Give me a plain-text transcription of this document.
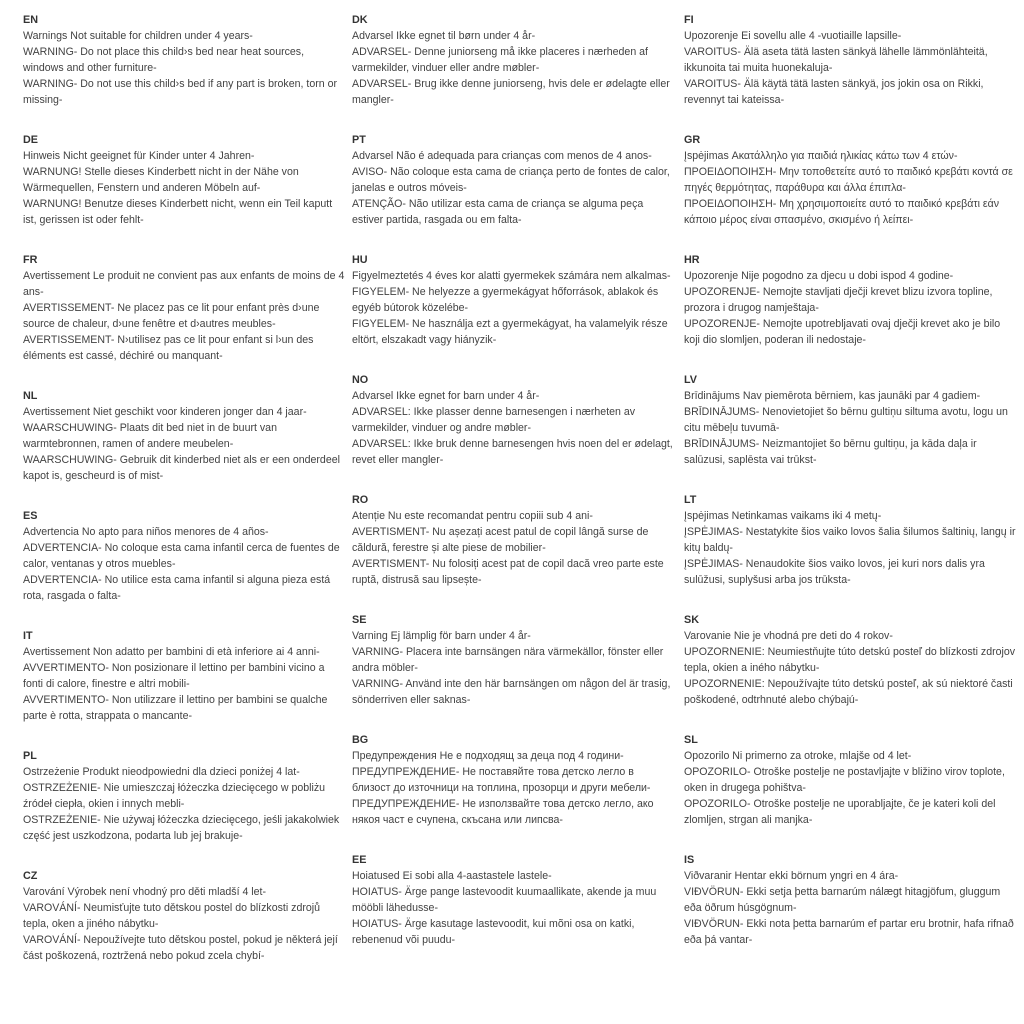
EN

Warnings Not suitable for children under 4 years-

WARNING- Do not place this child›s bed near heat sources, windows and other furniture-

WARNING- Do not use this child›s bed if any part is broken, torn or missing-

DE

Hinweis Nicht geeignet für Kinder unter 4 Jahren-

WARNUNG! Stelle dieses Kinderbett nicht in der Nähe von Wärmequellen, Fenstern und anderen Möbeln auf-

WARNUNG! Benutze dieses Kinderbett nicht, wenn ein Teil kaputt ist, gerissen ist oder fehlt-

FR

Avertissement Le produit ne convient pas aux enfants de moins de 4 ans-

AVERTISSEMENT- Ne placez pas ce lit pour enfant près d›une source de chaleur, d›une fenêtre et d›autres meubles-

AVERTISSEMENT- N›utilisez pas ce lit pour enfant si l›un des éléments est cassé, déchiré ou manquant-

NL

Avertissement Niet geschikt voor kinderen jonger dan 4 jaar-

WAARSCHUWING- Plaats dit bed niet in de buurt van warmtebronnen, ramen of andere meubelen-

WAARSCHUWING- Gebruik dit kinderbed niet als er een onderdeel kapot is, gescheurd is of mist-

ES

Advertencia No apto para niños menores de 4 años-

ADVERTENCIA- No coloque esta cama infantil cerca de fuentes de calor, ventanas y otros muebles-

ADVERTENCIA- No utilice esta cama infantil si alguna pieza está rota, rasgada o falta-

IT

Avertissement Non adatto per bambini di età inferiore ai 4 anni-

AVVERTIMENTO- Non posizionare il lettino per bambini vicino a fonti di calore, finestre e altri mobili-

AVVERTIMENTO- Non utilizzare il lettino per bambini se qualche parte è rotta, strappata o mancante-

PL

Ostrzeżenie Produkt nieodpowiedni dla dzieci poniżej 4 lat-

OSTRZEŻENIE- Nie umieszczaj łóżeczka dziecięcego w pobliżu źródeł ciepła, okien i innych mebli-

OSTRZEŻENIE- Nie używaj łóżeczka dziecięcego, jeśli jakakolwiek część jest uszkodzona, podarta lub jej brakuje-

CZ

Varování Výrobek není vhodný pro děti mladší 4 let-

VAROVÁNÍ- Neumisťujte tuto dětskou postel do blízkosti zdrojů tepla, oken a jiného nábytku-

VAROVÁNÍ- Nepoužívejte tuto dětskou postel, pokud je některá její část poškozená, roztržená nebo pokud zcela chybí-

DK

Advarsel Ikke egnet til børn under 4 år-

ADVARSEL- Denne juniorseng må ikke placeres i nærheden af varmekilder, vinduer eller andre møbler-

ADVARSEL- Brug ikke denne juniorseng, hvis dele er ødelagte eller mangler-

PT

Advarsel Não é adequada para crianças com menos de 4 anos-

AVISO- Não coloque esta cama de criança perto de fontes de calor, janelas e outros móveis-

ATENÇÃO- Não utilizar esta cama de criança se alguma peça estiver partida, rasgada ou em falta-

HU

Figyelmeztetés 4 éves kor alatti gyermekek számára nem alkalmas-

FIGYELEM- Ne helyezze a gyermekágyat hőforrások, ablakok és egyéb bútorok közelébe-

FIGYELEM- Ne használja ezt a gyermekágyat, ha valamelyik része eltört, elszakadt vagy hiányzik-

NO

Advarsel Ikke egnet for barn under 4 år-

ADVARSEL: Ikke plasser denne barnesengen i nærheten av varmekilder, vinduer og andre møbler-

ADVARSEL: Ikke bruk denne barnesengen hvis noen del er ødelagt, revet eller mangler-

RO

Atenție Nu este recomandat pentru copiii sub 4 ani-

AVERTISMENT- Nu așezați acest patul de copil lângă surse de căldură, ferestre și alte piese de mobilier-

AVERTISMENT- Nu folosiți acest pat de copil dacă vreo parte este ruptă, distrusă sau lipsește-

SE

Varning Ej lämplig för barn under 4 år-

VARNING- Placera inte barnsängen nära värmekällor, fönster eller andra möbler-

VARNING- Använd inte den här barnsängen om någon del är trasig, sönderriven eller saknas-

BG

Предупреждения Не е подходящ за деца под 4 години-

ПРЕДУПРЕЖДЕНИЕ- Не поставяйте това детско легло в близост до източници на топлина, прозорци и други мебели-

ПРЕДУПРЕЖДЕНИЕ- Не използвайте това детско легло, ако някоя част е счупена, скъсана или липсва-

EE

Hoiatused Ei sobi alla 4-aastastele lastele-

HOIATUS- Ärge pange lastevoodit kuumaallikate, akende ja muu mööbli lähedusse-

HOIATUS- Ärge kasutage lastevoodit, kui mõni osa on katki, rebenenud või puudu-

FI

Upozorenje Ei sovellu alle 4 -vuotiaille lapsille-

VAROITUS- Älä aseta tätä lasten sänkyä lähelle lämmönlähteitä, ikkunoita tai muita huonekaluja-

VAROITUS- Älä käytä tätä lasten sänkyä, jos jokin osa on Rikki, revennyt tai kateissa-

GR

Įspėjimas Ακατάλληλο για παιδιά ηλικίας κάτω των 4 ετών-

ΠΡΟΕΙΔΟΠΟΙΗΣΗ- Μην τοποθετείτε αυτό το παιδικό κρεβάτι κοντά σε πηγές θερμότητας, παράθυρα και άλλα έπιπλα-

ΠΡΟΕΙΔΟΠΟΙΗΣΗ- Μη χρησιμοποιείτε αυτό το παιδικό κρεβάτι εάν κάποιο μέρος είναι σπασμένο, σκισμένο ή λείπει-

HR

Upozorenje Nije pogodno za djecu u dobi ispod 4 godine-

UPOZORENJE- Nemojte stavljati dječji krevet blizu izvora topline, prozora i drugog namještaja-

UPOZORENJE- Nemojte upotrebljavati ovaj dječji krevet ako je bilo koji dio slomljen, poderan ili nedostaje-

LV

Brīdinājums Nav piemērota bērniem, kas jaunāki par 4 gadiem-

BRĪDINĀJUMS- Nenovietojiet šo bērnu gultiņu siltuma avotu, logu un citu mēbeļu tuvumā-

BRĪDINĀJUMS- Neizmantojiet šo bērnu gultiņu, ja kāda daļa ir salūzusi, saplēsta vai trūkst-

LT

Įspėjimas Netinkamas vaikams iki 4 metų-

ĮSPĖJIMAS- Nestatykite šios vaiko lovos šalia šilumos šaltinių, langų ir kitų baldų-

ĮSPĖJIMAS- Nenaudokite šios vaiko lovos, jei kuri nors dalis yra sulūžusi, suplyšusi arba jos trūksta-

SK

Varovanie Nie je vhodná pre deti do 4 rokov-

UPOZORNENIE: Neumiestňujte túto detskú posteľ do blízkosti zdrojov tepla, okien a iného nábytku-

UPOZORNENIE: Nepoužívajte túto detskú posteľ, ak sú niektoré časti poškodené, odtrhnuté alebo chýbajú-

SL

Opozorilo Ni primerno za otroke, mlajše od 4 let-

OPOZORILO- Otroške postelje ne postavljajte v bližino virov toplote, oken in drugega pohištva-

OPOZORILO- Otroške postelje ne uporabljajte, če je kateri koli del zlomljen, strgan ali manjka-

IS

Viðvaranir Hentar ekki börnum yngri en 4 ára-

VIÐVÖRUN- Ekki setja þetta barnarúm nálægt hitagjöfum, gluggum eða öðrum húsgögnum-

VIÐVÖRUN- Ekki nota þetta barnarúm ef partar eru brotnir, hafa rifnað eða þá vantar-
